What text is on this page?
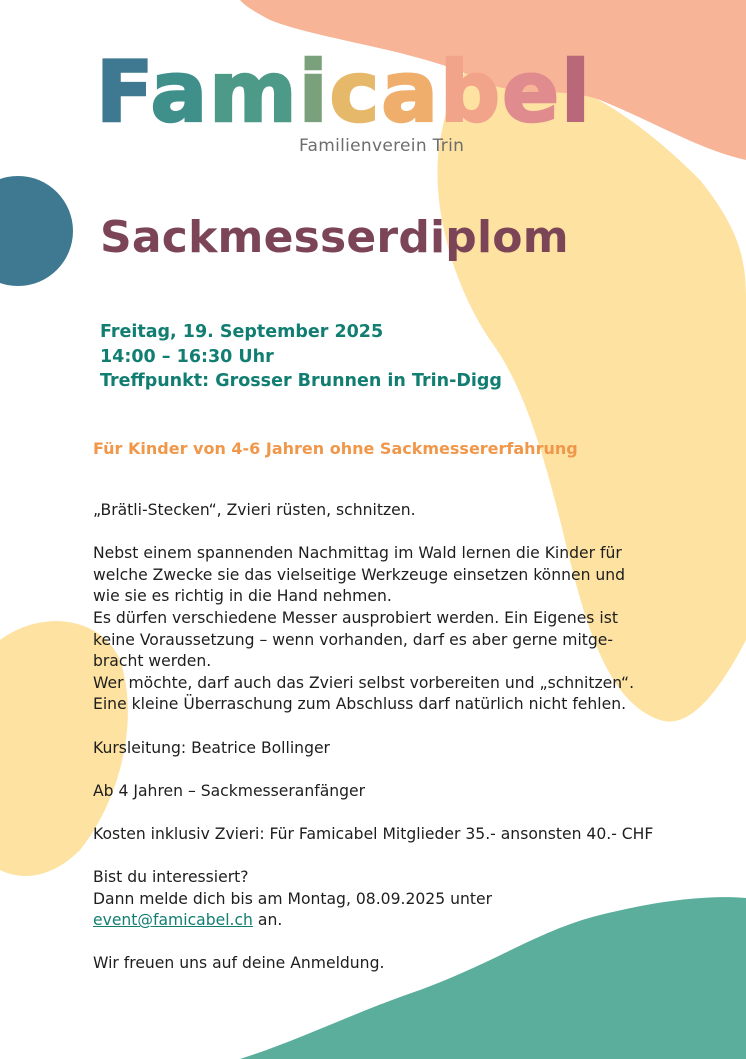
Famicabel
Familienverein Trin
Sackmesserdiplom
Freitag, 19. September 2025
14:00 – 16:30 Uhr
Treffpunkt: Grosser Brunnen in Trin-Digg
Für Kinder von 4-6 Jahren ohne Sackmessererfahrung
„Brätli-Stecken“, Zvieri rüsten, schnitzen.
Nebst einem spannenden Nachmittag im Wald lernen die Kinder für
welche Zwecke sie das vielseitige Werkzeuge einsetzen können und
wie sie es richtig in die Hand nehmen.
Es dürfen verschiedene Messer ausprobiert werden. Ein Eigenes ist
keine Voraussetzung – wenn vorhanden, darf es aber gerne mitge-
bracht werden.
Wer möchte, darf auch das Zvieri selbst vorbereiten und „schnitzen“.
Eine kleine Überraschung zum Abschluss darf natürlich nicht fehlen.
Kursleitung: Beatrice Bollinger
Ab 4 Jahren – Sackmesseranfänger
Kosten inklusiv Zvieri: Für Famicabel Mitglieder 35.- ansonsten 40.- CHF
Bist du interessiert?
Dann melde dich bis am Montag, 08.09.2025 unter
event@famicabel.ch an.
Wir freuen uns auf deine Anmeldung.
